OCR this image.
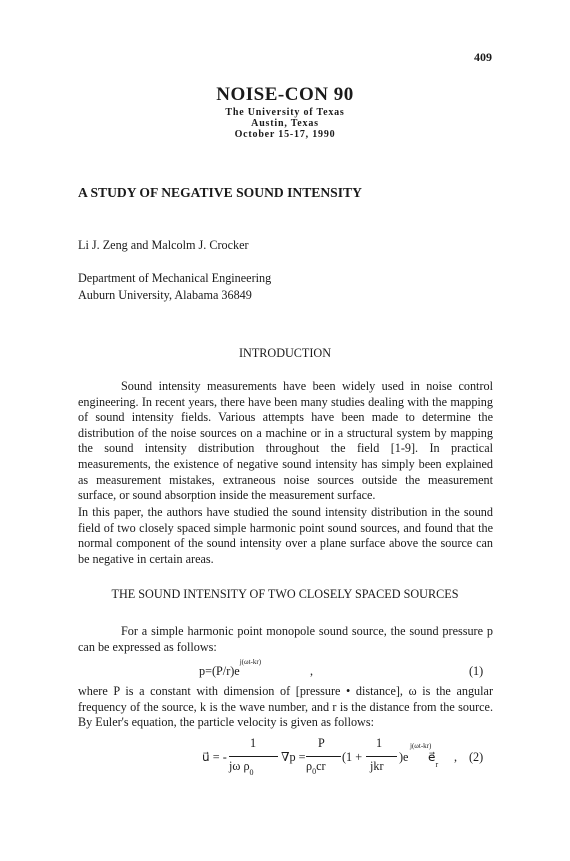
409
NOISE-CON 90
The University of Texas
Austin, Texas
October 15-17, 1990
A STUDY OF NEGATIVE SOUND INTENSITY
Li J. Zeng and Malcolm J. Crocker
Department of Mechanical Engineering
Auburn University, Alabama 36849
INTRODUCTION

Sound intensity measurements have been widely used in noise control engineering. In recent years, there have been many studies dealing with the mapping of sound intensity fields. Various attempts have been made to determine the distribution of the noise sources on a machine or in a structural system by mapping the sound intensity distribution throughout the field [1-9]. In practical measurements, the existence of negative sound intensity has simply been explained as measurement mistakes, extraneous noise sources outside the measurement surface, or sound absorption inside the measurement surface.

In this paper, the authors have studied the sound intensity distribution in the sound field of two closely spaced simple harmonic point sound sources, and found that the normal component of the sound intensity over a plane surface above the source can be negative in certain areas.

THE SOUND INTENSITY OF TWO CLOSELY SPACED SOURCES

For a simple harmonic point monopole sound source, the sound pressure p can be expressed as follows:

$p=(P/r)e^{j(\omega t-kr)}$
,	(1)

where P is a constant with dimension of [pressure • distance], ω is the angular frequency of the source, k is the wave number, and r is the distance from the source. By Euler's equation, the particle velocity is given as follows:

u⃗ = -
1
jω $\rho_0$
∇p =
P
$\rho_0cr$
(1 +
1
jkr
)e
j(ωt-kr)
$e⃗_r$
, (2)
